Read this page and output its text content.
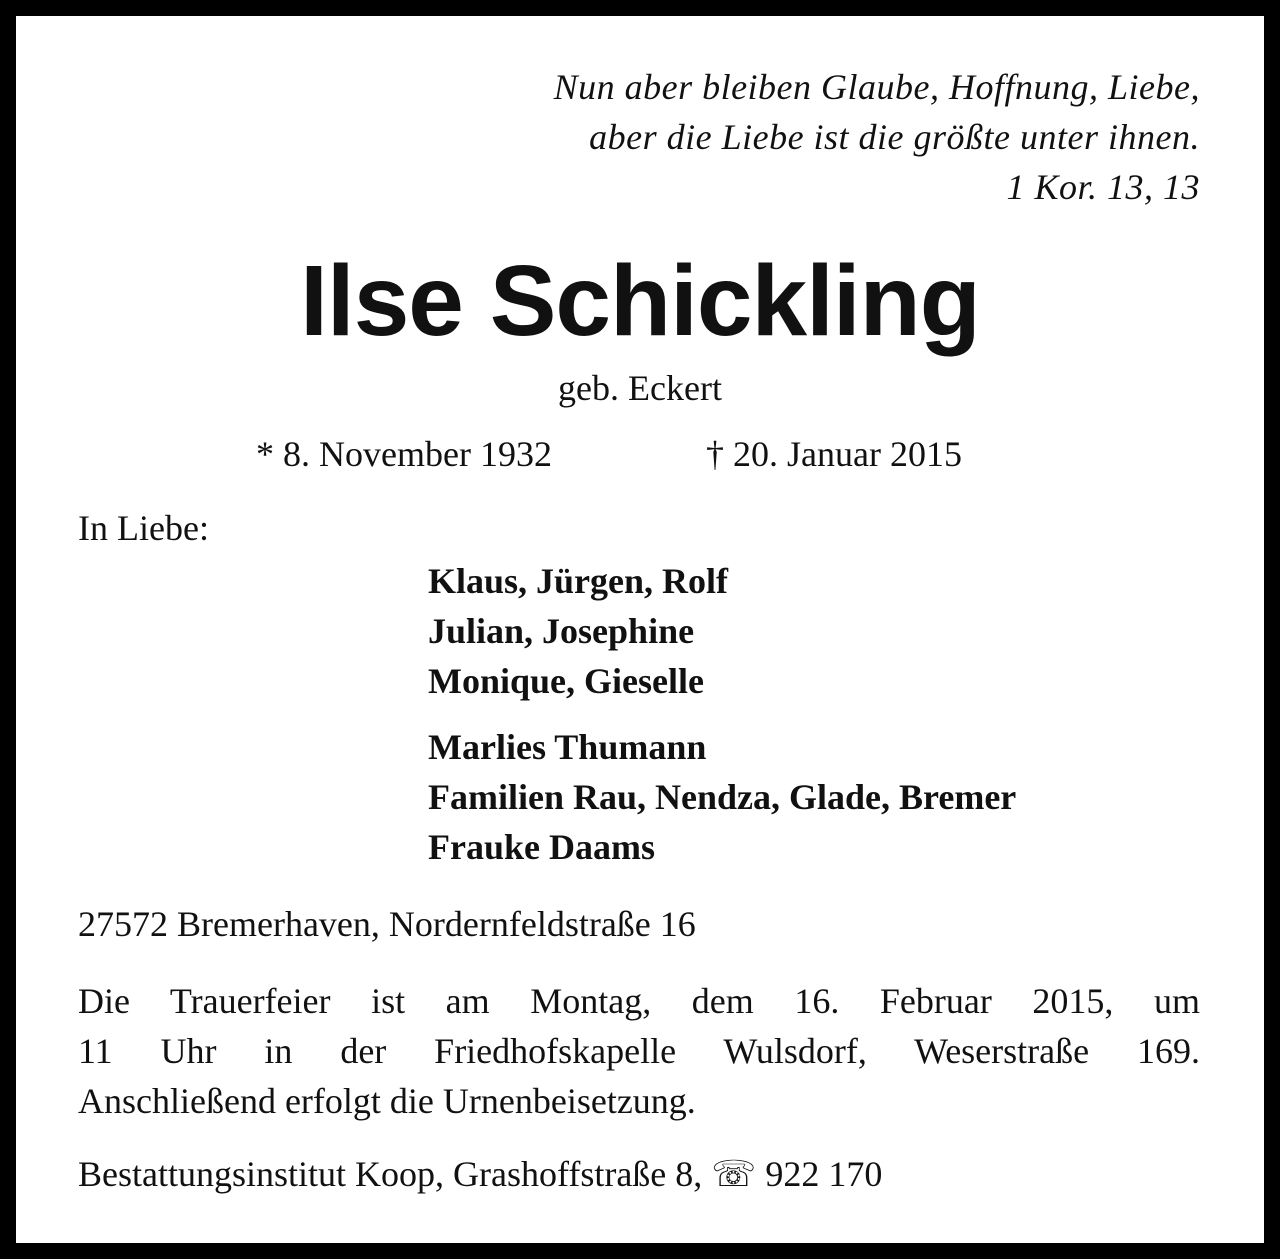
Nun aber bleiben Glaube, Hoffnung, Liebe,
aber die Liebe ist die größte unter ihnen.
1 Kor. 13, 13
Ilse Schickling
geb. Eckert
* 8. November 1932	† 20. Januar 2015
In Liebe:
Klaus, Jürgen, Rolf
Julian, Josephine
Monique, Gieselle
Marlies Thumann
Familien Rau, Nendza, Glade, Bremer
Frauke Daams
27572 Bremerhaven, Nordernfeldstraße 16
Die Trauerfeier ist am Montag, dem 16. Februar 2015, um
11 Uhr in der Friedhofskapelle Wulsdorf, Weserstraße 169.
Anschließend erfolgt die Urnenbeisetzung.
Bestattungsinstitut Koop, Grashoffstraße 8, ☏ 922 170
